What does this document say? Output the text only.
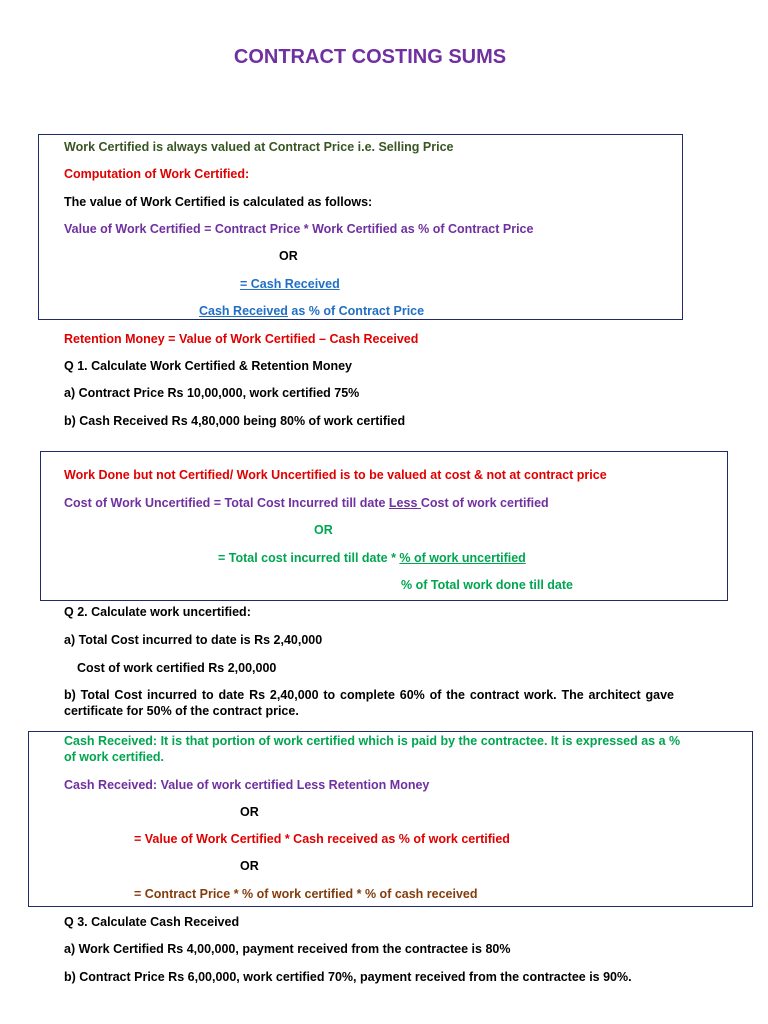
CONTRACT COSTING SUMS
Work Certified is always valued at Contract Price i.e. Selling Price
Computation of Work Certified:
The value of Work Certified is calculated as follows:
Value of Work Certified = Contract Price * Work Certified as % of Contract Price
OR
= Cash Received
Cash Received as % of Contract Price
Retention Money = Value of Work Certified – Cash Received
Q 1. Calculate Work Certified & Retention Money
a) Contract Price Rs 10,00,000, work certified 75%
b) Cash Received Rs 4,80,000 being 80% of work certified
Work Done but not Certified/ Work Uncertified is to be valued at cost & not at contract price
Cost of Work Uncertified = Total Cost Incurred till date Less Cost of work certified
OR
= Total cost incurred till date * % of work uncertified
% of Total work done till date
Q 2. Calculate work uncertified:
a) Total Cost incurred to date is Rs 2,40,000
Cost of work certified Rs 2,00,000
b) Total Cost incurred to date Rs 2,40,000 to complete 60% of the contract work. The architect gave certificate for 50% of the contract price.
Cash Received: It is that portion of work certified which is paid by the contractee. It is expressed as a % of work certified.
Cash Received: Value of work certified Less Retention Money
OR
= Value of Work Certified * Cash received as % of work certified
OR
= Contract Price * % of work certified * % of cash received
Q 3. Calculate Cash Received
a) Work Certified Rs 4,00,000, payment received from the contractee is 80%
b) Contract Price Rs 6,00,000, work certified 70%, payment received from the contractee is 90%.
